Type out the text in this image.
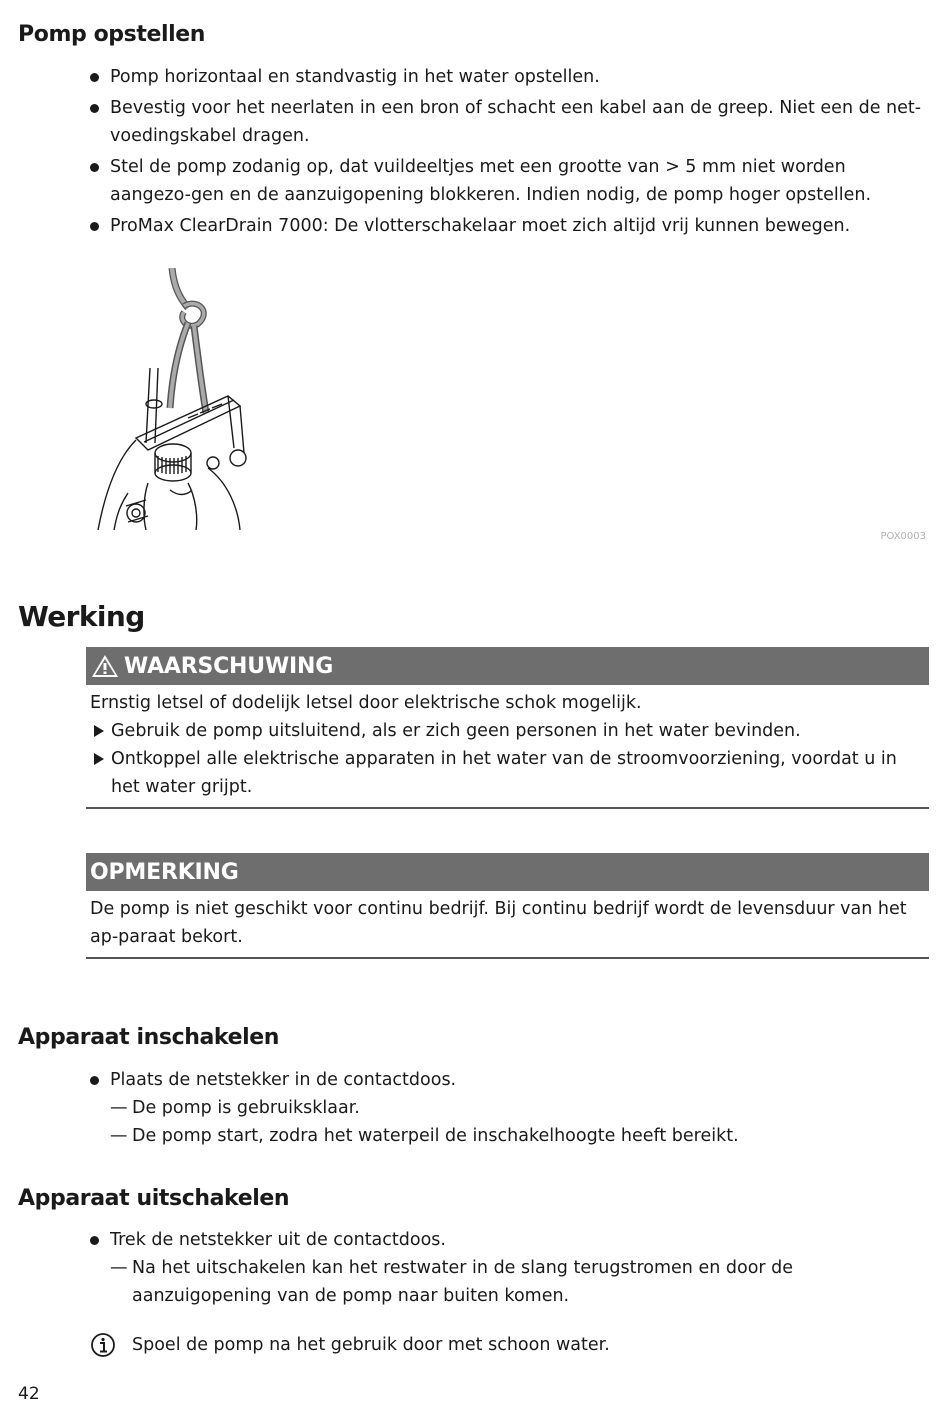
Pomp opstellen
Pomp horizontaal en standvastig in het water opstellen.
Bevestig voor het neerlaten in een bron of schacht een kabel aan de greep. Niet een de net-voedingskabel dragen.
Stel de pomp zodanig op, dat vuildeeltjes met een grootte van > 5 mm niet worden aangezo-gen en de aanzuigopening blokkeren. Indien nodig, de pomp hoger opstellen.
ProMax ClearDrain 7000: De vlotterschakelaar moet zich altijd vrij kunnen bewegen.
POX0003
Werking
WAARSCHUWING
Ernstig letsel of dodelijk letsel door elektrische schok mogelijk.
Gebruik de pomp uitsluitend, als er zich geen personen in het water bevinden.
Ontkoppel alle elektrische apparaten in het water van de stroomvoorziening, voordat u in het water grijpt.
OPMERKING
De pomp is niet geschikt voor continu bedrijf. Bij continu bedrijf wordt de levensduur van het ap-paraat bekort.
Apparaat inschakelen
Plaats de netstekker in de contactdoos.
— De pomp is gebruiksklaar.
— De pomp start, zodra het waterpeil de inschakelhoogte heeft bereikt.
Apparaat uitschakelen
Trek de netstekker uit de contactdoos.
— Na het uitschakelen kan het restwater in de slang terugstromen en door de aanzuigopening van de pomp naar buiten komen.
Spoel de pomp na het gebruik door met schoon water.
42
